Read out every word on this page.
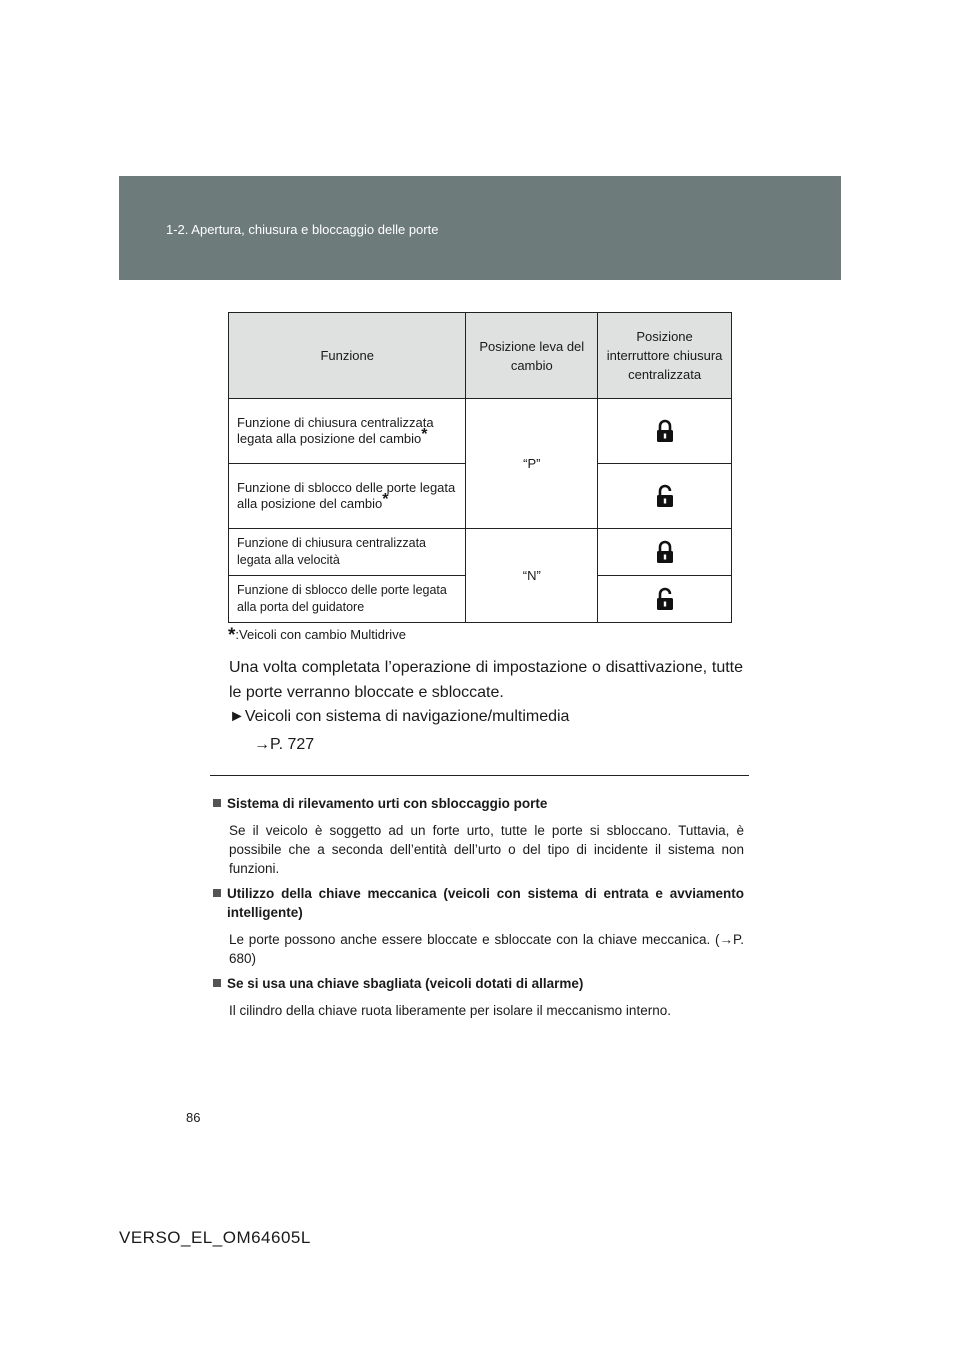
1-2. Apertura, chiusura e bloccaggio delle porte
Funzione	Posizione leva del cambio	Posizione interruttore chiusura centralizzata
Funzione di chiusura centralizzata legata alla posizione del cambio*	“P”	
Funzione di sblocco delle porte legata alla posizione del cambio*	
Funzione di chiusura centralizzata legata alla velocità	“N”	
Funzione di sblocco delle porte legata alla porta del guidatore	
*:Veicoli con cambio Multidrive
Una volta completata l’operazione di impostazione o disattivazione, tutte le porte verranno bloccate e sbloccate.
►Veicoli con sistema di navigazione/multimedia
→P. 727
Sistema di rilevamento urti con sbloccaggio porte
Se il veicolo è soggetto ad un forte urto, tutte le porte si sbloccano. Tuttavia, è possibile che a seconda dell’entità dell’urto o del tipo di incidente il sistema non funzioni.
Utilizzo della chiave meccanica (veicoli con sistema di entrata e avviamento intelligente)
Le porte possono anche essere bloccate e sbloccate con la chiave meccanica. (→P. 680)
Se si usa una chiave sbagliata (veicoli dotati di allarme)
Il cilindro della chiave ruota liberamente per isolare il meccanismo interno.
86
VERSO_EL_OM64605L
